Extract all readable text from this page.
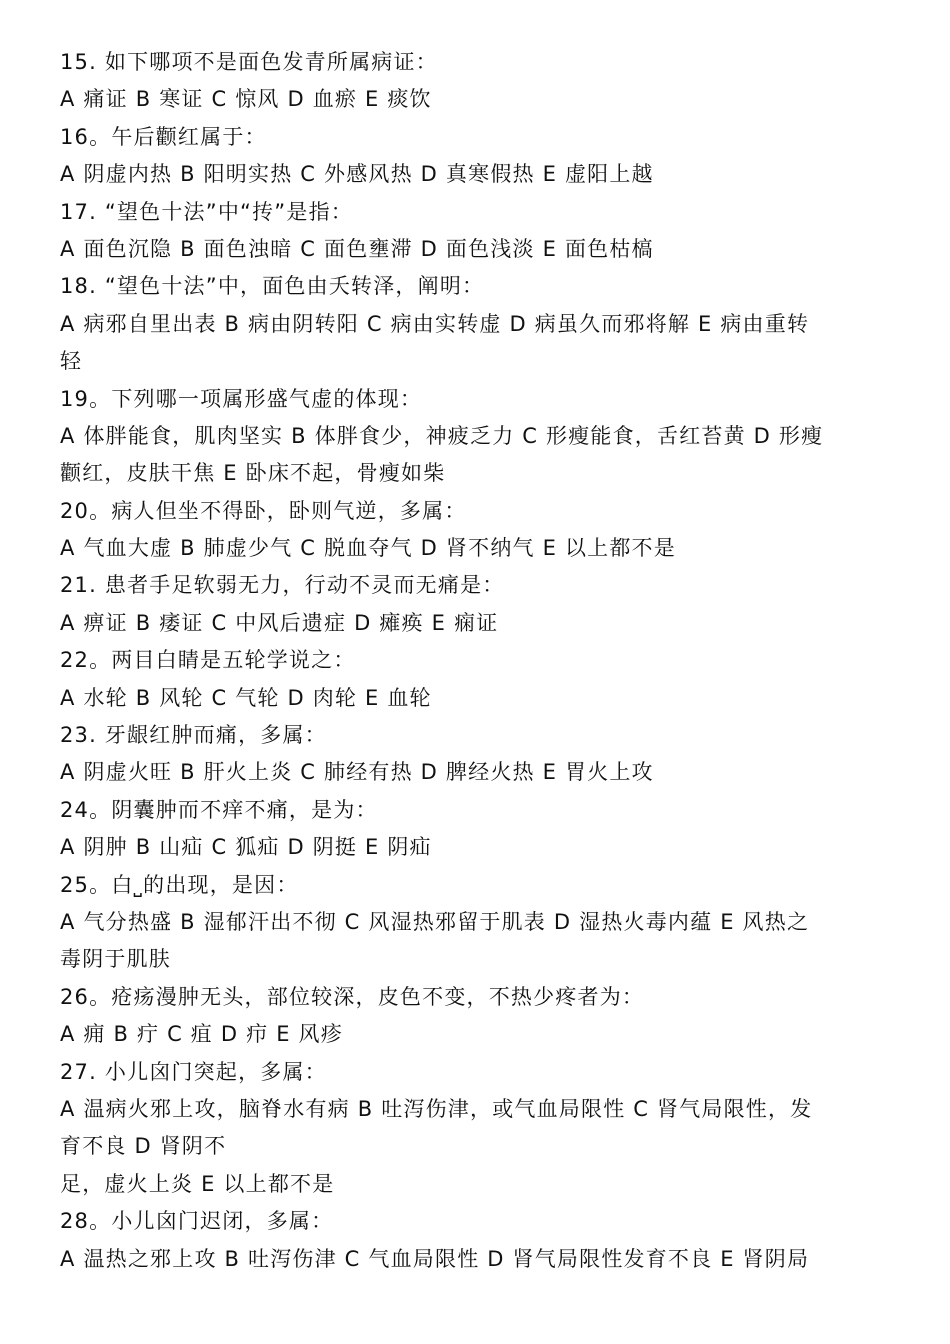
15. 如下哪项不是面色发青所属病证：
A 痛证 B 寒证 C 惊风 D 血瘀 E 痰饮
16。午后颧红属于：
A 阴虚内热 B 阳明实热 C 外感风热 D 真寒假热 E 虚阳上越
17. “望色十法”中“抟”是指：
A 面色沉隐 B 面色浊暗 C 面色壅滞 D 面色浅淡 E 面色枯槁
18. “望色十法”中，面色由夭转泽，阐明：
A 病邪自里出表 B 病由阴转阳 C 病由实转虚 D 病虽久而邪将解 E 病由重转
轻
19。下列哪一项属形盛气虚的体现：
A 体胖能食，肌肉坚实 B 体胖食少，神疲乏力 C 形瘦能食，舌红苔黄 D 形瘦
颧红，皮肤干焦 E 卧床不起，骨瘦如柴
20。病人但坐不得卧，卧则气逆，多属：
A 气血大虚 B 肺虚少气 C 脱血夺气 D 肾不纳气 E 以上都不是
21. 患者手足软弱无力，行动不灵而无痛是：
A 痹证 B 痿证 C 中风后遗症 D 瘫痪 E 痫证
22。两目白睛是五轮学说之：
A 水轮 B 风轮 C 气轮 D 肉轮 E 血轮
23. 牙龈红肿而痛，多属：
A 阴虚火旺 B 肝火上炎 C 肺经有热 D 脾经火热 E 胃火上攻
24。阴囊肿而不痒不痛，是为：
A 阴肿 B 山疝 C 狐疝 D 阴挺 E 阴疝
25。白⎵的出现，是因：
A 气分热盛 B 湿郁汗出不彻 C 风湿热邪留于肌表 D 湿热火毒内蕴 E 风热之
毒阴于肌肤
26。疮疡漫肿无头，部位较深，皮色不变，不热少疼者为：
A 痈 B 疔 C 疽 D 疖 E 风疹
27. 小儿囟门突起，多属：
A 温病火邪上攻，脑脊水有病 B 吐泻伤津，或气血局限性 C 肾气局限性，发
育不良 D 肾阴不
足，虚火上炎 E 以上都不是
28。小儿囟门迟闭，多属：
A 温热之邪上攻 B 吐泻伤津 C 气血局限性 D 肾气局限性发育不良 E 肾阴局
